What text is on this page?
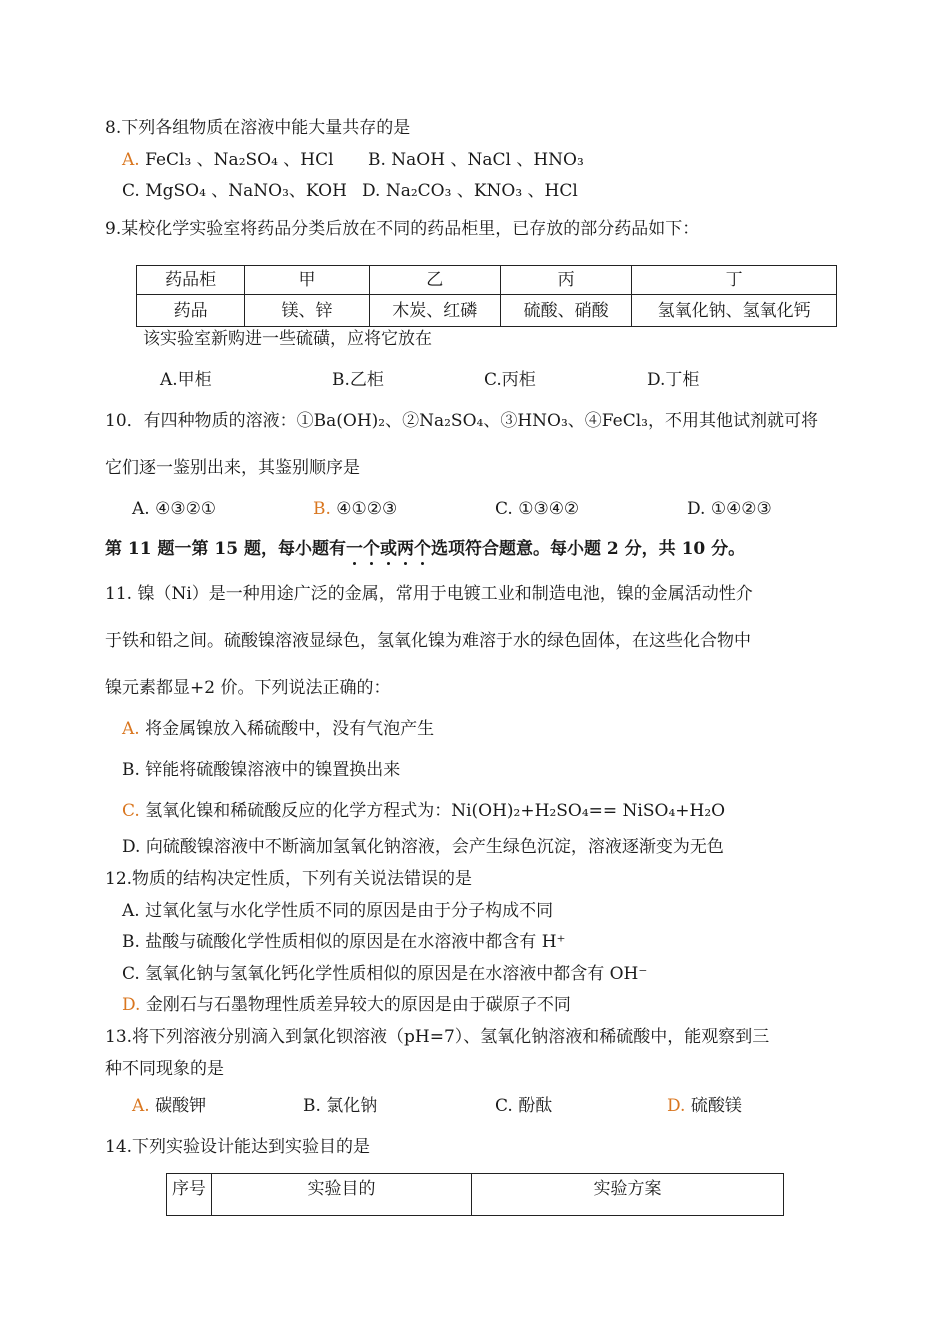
8.下列各组物质在溶液中能大量共存的是
A. FeCl₃ 、Na₂SO₄ 、HCl B. NaOH 、NaCl 、HNO₃
C. MgSO₄ 、NaNO₃、KOH D. Na₂CO₃ 、KNO₃ 、HCl
9.某校化学实验室将药品分类后放在不同的药品柜里，已存放的部分药品如下：
药品柜	甲	乙	丙	丁
药品	镁、锌	木炭、红磷	硫酸、硝酸	氢氧化钠、氢氧化钙
该实验室新购进一些硫磺，应将它放在
A.甲柜	B.乙柜	C.丙柜	D.丁柜
10．有四种物质的溶液：①Ba(OH)₂、②Na₂SO₄、③HNO₃、④FeCl₃，不用其他试剂就可将
它们逐一鉴别出来，其鉴别顺序是
A. ④③②①	B. ④①②③	C. ①③④②	D. ①④②③
第 11 题一第 15 题，每小题有一个或两个
选项符合题意。每小题 2 分，共 10 分。
11. 镍（Ni）是一种用途广泛的金属，常用于电镀工业和制造电池，镍的金属活动性介
于铁和铅之间。硫酸镍溶液显绿色，氢氧化镍为难溶于水的绿色固体，在这些化合物中
镍元素都显+2 价。下列说法正确的：
A. 将金属镍放入稀硫酸中，没有气泡产生
B. 锌能将硫酸镍溶液中的镍置换出来
C. 氢氧化镍和稀硫酸反应的化学方程式为：Ni(OH)₂+H₂SO₄== NiSO₄+H₂O
D. 向硫酸镍溶液中不断滴加氢氧化钠溶液，会产生绿色沉淀，溶液逐渐变为无色
12.物质的结构决定性质，下列有关说法错误的是
A. 过氧化氢与水化学性质不同的原因是由于分子构成不同
B. 盐酸与硫酸化学性质相似的原因是在水溶液中都含有 H⁺
C. 氢氧化钠与氢氧化钙化学性质相似的原因是在水溶液中都含有 OH⁻
D. 金刚石与石墨物理性质差异较大的原因是由于碳原子不同
13.将下列溶液分别滴入到氯化钡溶液（pH=7）、氢氧化钠溶液和稀硫酸中，能观察到三
种不同现象的是
A. 碳酸钾	B. 氯化钠	C. 酚酞	D. 硫酸镁
14.下列实验设计能达到实验目的是
序号	实验目的	实验方案
